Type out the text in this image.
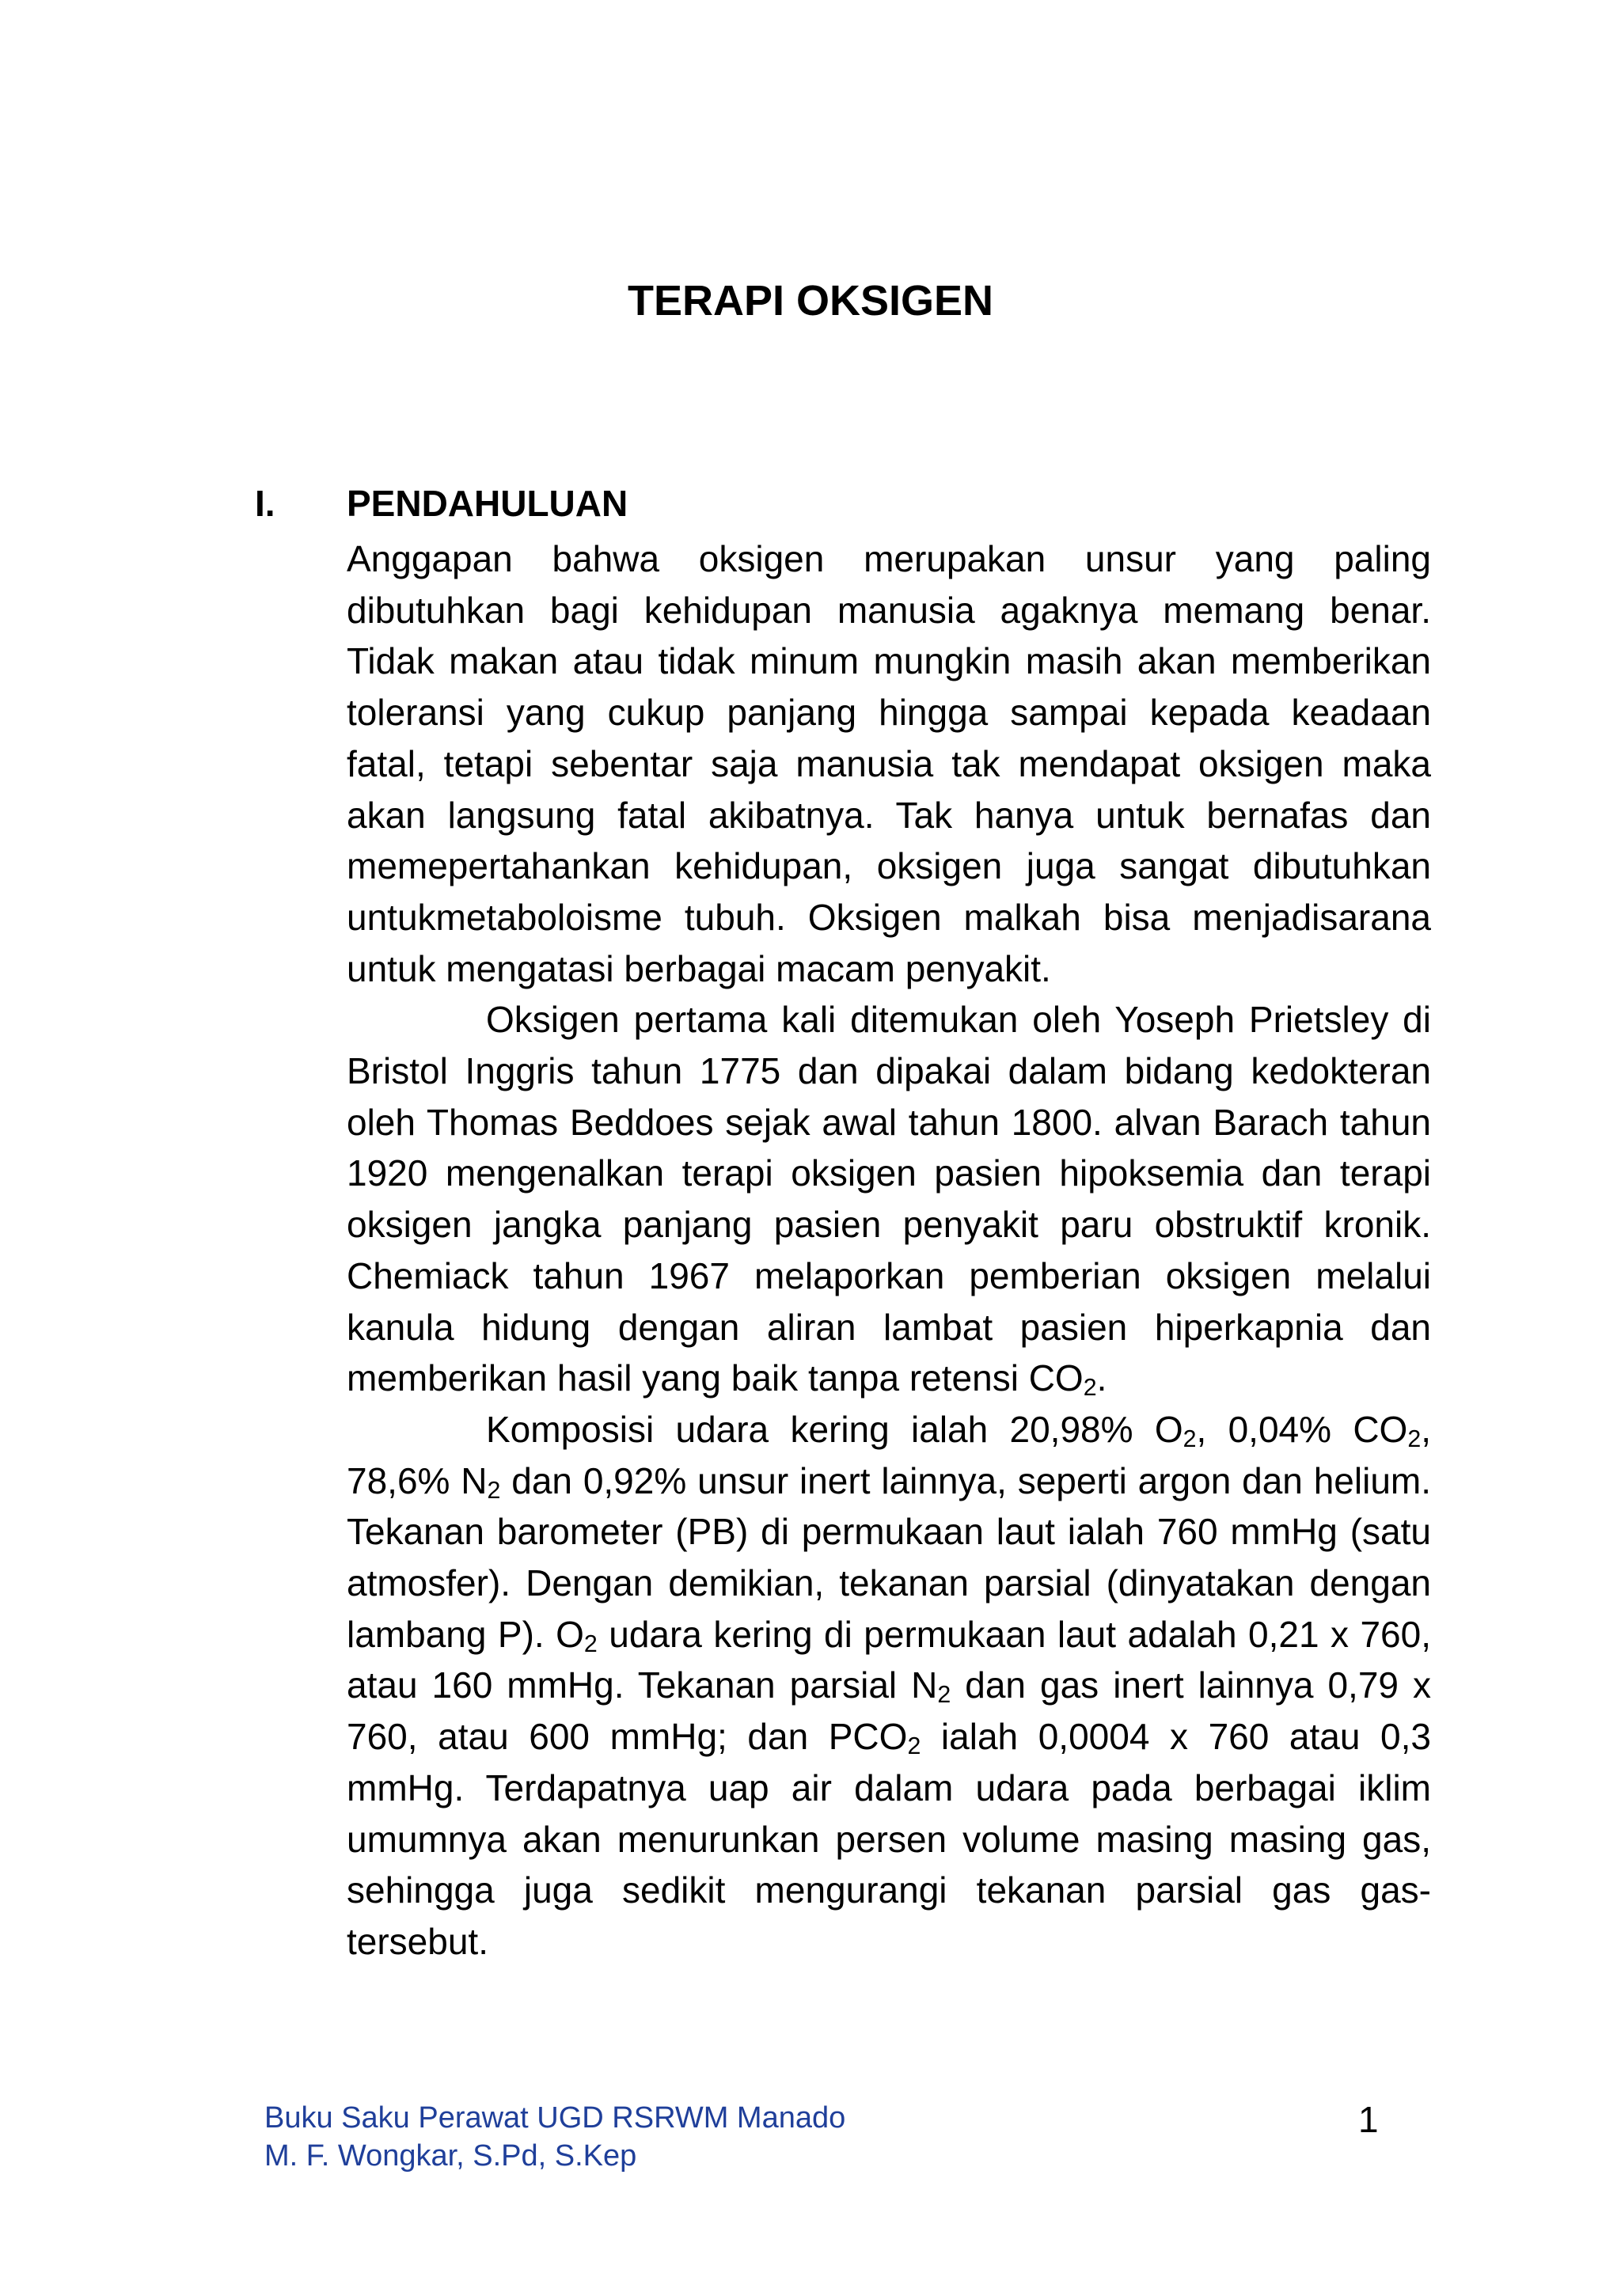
TERAPI OKSIGEN
I. PENDAHULUAN

Anggapan bahwa oksigen merupakan unsur yang paling dibutuhkan bagi kehidupan manusia agaknya memang benar. Tidak makan atau tidak minum mungkin masih akan memberikan toleransi yang cukup panjang hingga sampai kepada keadaan fatal, tetapi sebentar saja manusia tak mendapat oksigen maka akan langsung fatal akibatnya. Tak hanya untuk bernafas dan memepertahankan kehidupan, oksigen juga sangat dibutuhkan untukmetaboloisme tubuh. Oksigen malkah bisa menjadisarana untuk mengatasi berbagai macam penyakit.

Oksigen pertama kali ditemukan oleh Yoseph Prietsley di Bristol Inggris tahun 1775 dan dipakai dalam bidang kedokteran oleh Thomas Beddoes sejak awal tahun 1800. alvan Barach tahun 1920 mengenalkan terapi oksigen pasien hipoksemia dan terapi oksigen jangka panjang pasien penyakit paru obstruktif kronik. Chemiack tahun 1967 melaporkan pemberian oksigen melalui kanula hidung dengan aliran lambat pasien hiperkapnia dan memberikan hasil yang baik tanpa retensi $CO_2$.

Komposisi udara kering ialah 20,98% $O_2$, 0,04% $CO_2$, 78,6% $N_2$ dan 0,92% unsur inert lainnya, seperti argon dan helium. Tekanan barometer (PB) di permukaan laut ialah 760 mmHg (satu atmosfer). Dengan demikian, tekanan parsial (dinyatakan dengan lambang P). $O_2$ udara kering di permukaan laut adalah 0,21 x 760, atau 160 mmHg. Tekanan parsial $N_2$ dan gas inert lainnya 0,79 x 760, atau 600 mmHg; dan $PCO_2$ ialah 0,0004 x 760 atau 0,3 mmHg. Terdapatnya uap air dalam udara pada berbagai iklim umumnya akan menurunkan persen volume masing masing gas, sehingga juga sedikit mengurangi tekanan parsial gas gas-tersebut.

Buku Saku Perawat UGD RSRWM Manado
M. F. Wongkar, S.Pd, S.Kep
1
